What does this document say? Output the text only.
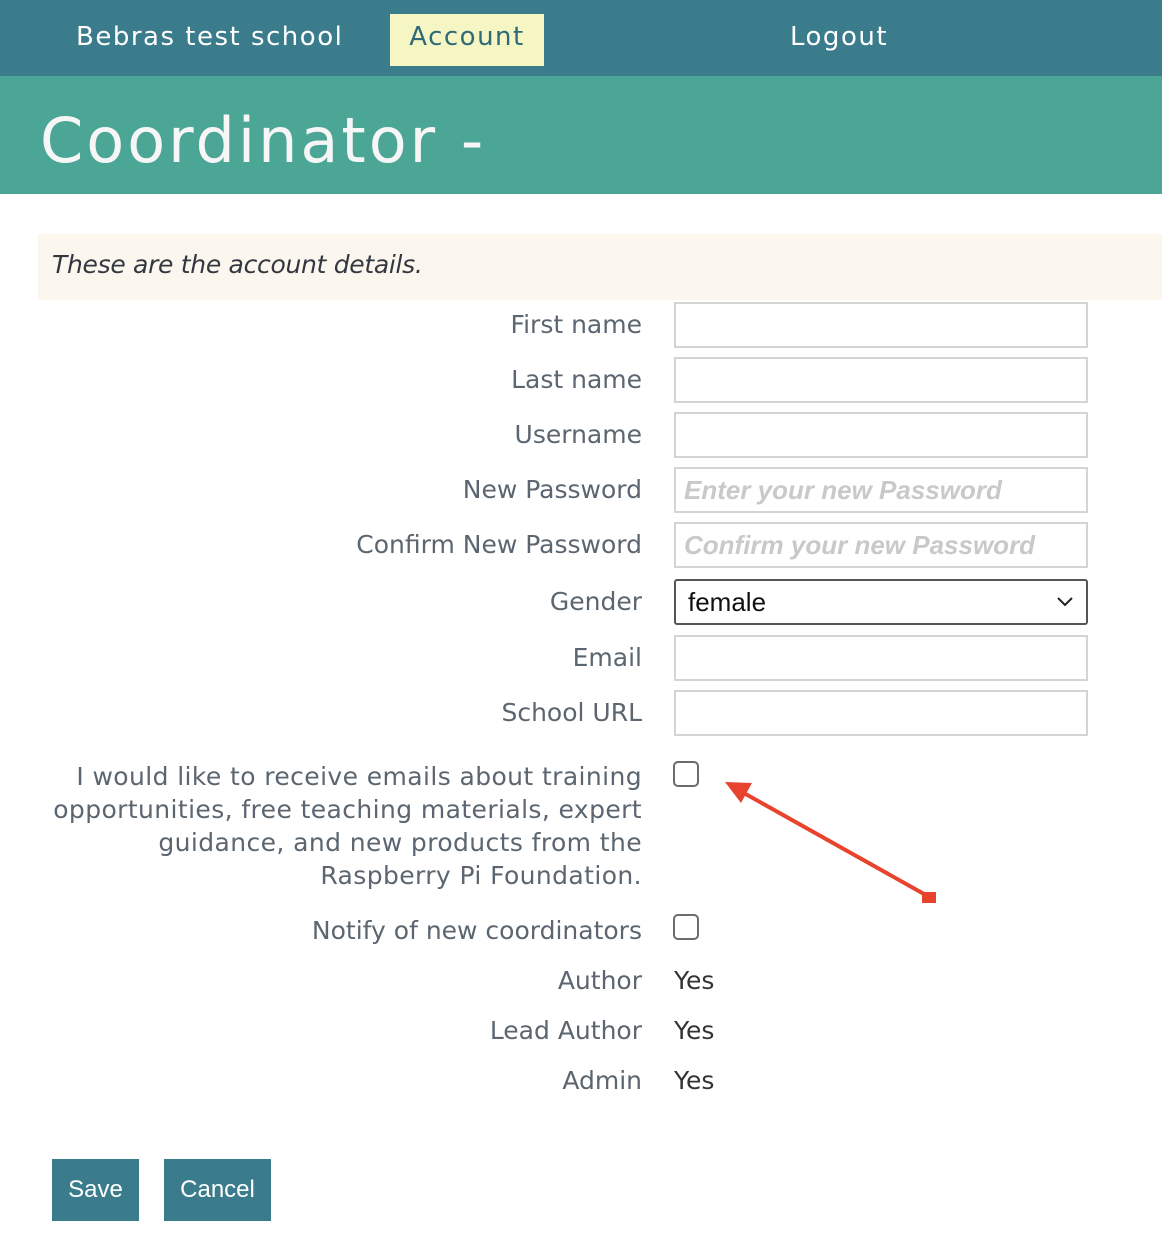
Bebras test school	Account	Logout
Coordinator -
These are the account details.
First name
Last name
Username
New Password
Confirm New Password
Gender female
Email
School URL
I would like to receive emails about training opportunities, free teaching materials, expert guidance, and new products from the Raspberry Pi Foundation.
Notify of new coordinators
Author Yes
Lead Author Yes
Admin Yes
Save	Cancel
